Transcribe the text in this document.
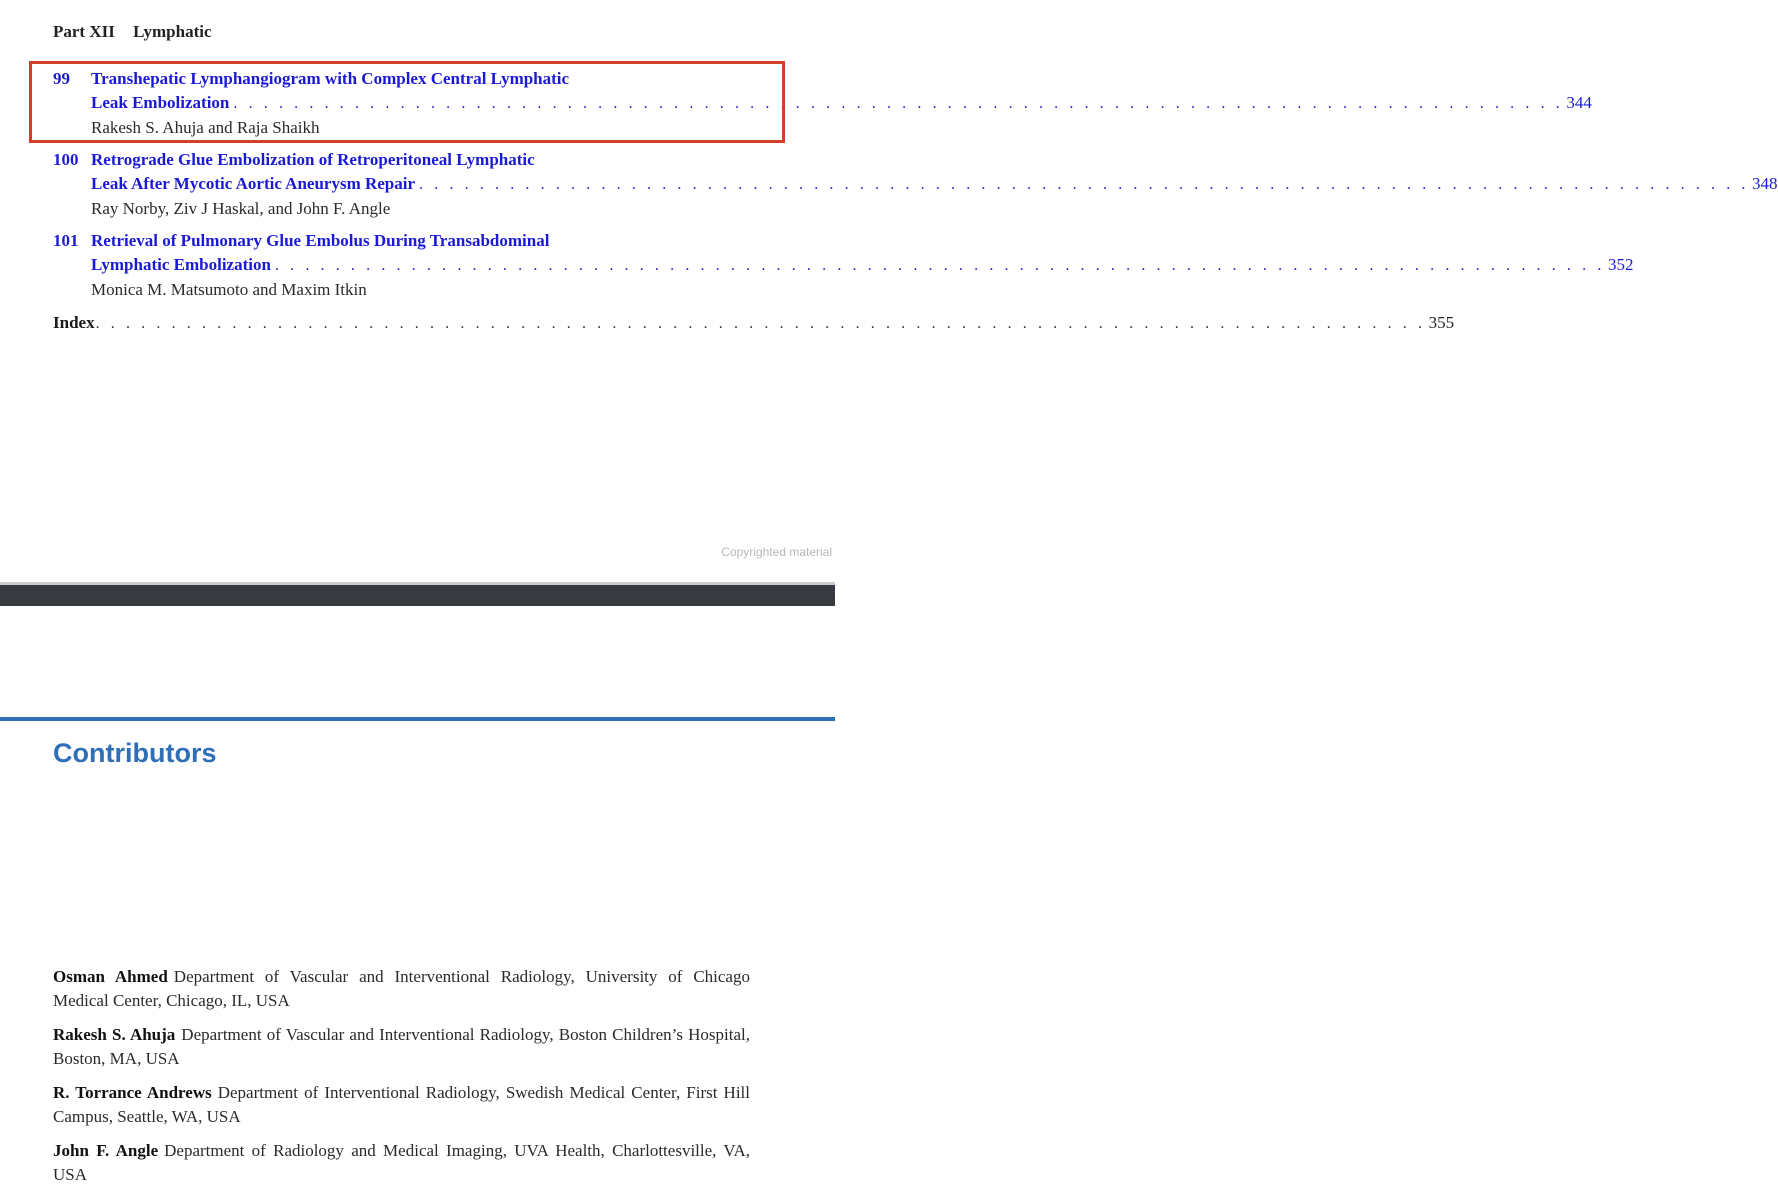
Part XII Lymphatic
99 Transhepatic Lymphangiogram with Complex Central Lymphatic
Leak Embolization . . . . . . . . . . . . . . . . . . . . . . . . . . . . . . . . . . . . . . . . . . . . . . . . . . . . . . . . . . . . . . . . . . . . . . . . . . . . . . . . . . . . . . . . 344
Rakesh S. Ahuja and Raja Shaikh
100 Retrograde Glue Embolization of Retroperitoneal Lymphatic
Leak After Mycotic Aortic Aneurysm Repair . . . . . . . . . . . . . . . . . . . . . . . . . . . . . . . . . . . . . . . . . . . . . . . . . . . . . . . . . . . . . . . . . . . . . . . . . . . . . . . . . . . . . . . . 348
Ray Norby, Ziv J Haskal, and John F. Angle
101 Retrieval of Pulmonary Glue Embolus During Transabdominal
Lymphatic Embolization . . . . . . . . . . . . . . . . . . . . . . . . . . . . . . . . . . . . . . . . . . . . . . . . . . . . . . . . . . . . . . . . . . . . . . . . . . . . . . . . . . . . . . . . 352
Monica M. Matsumoto and Maxim Itkin
Index . . . . . . . . . . . . . . . . . . . . . . . . . . . . . . . . . . . . . . . . . . . . . . . . . . . . . . . . . . . . . . . . . . . . . . . . . . . . . . . . . . . . . . . . 355
Copyrighted material
Contributors
Osman Ahmed Department of Vascular and Interventional Radiology, University of Chicago Medical Center, Chicago, IL, USA
Rakesh S. Ahuja Department of Vascular and Interventional Radiology, Boston Children’s Hospital, Boston, MA, USA
R. Torrance Andrews Department of Interventional Radiology, Swedish Medical Center, First Hill Campus, Seattle, WA, USA
John F. Angle Department of Radiology and Medical Imaging, UVA Health, Charlottesville, VA, USA
